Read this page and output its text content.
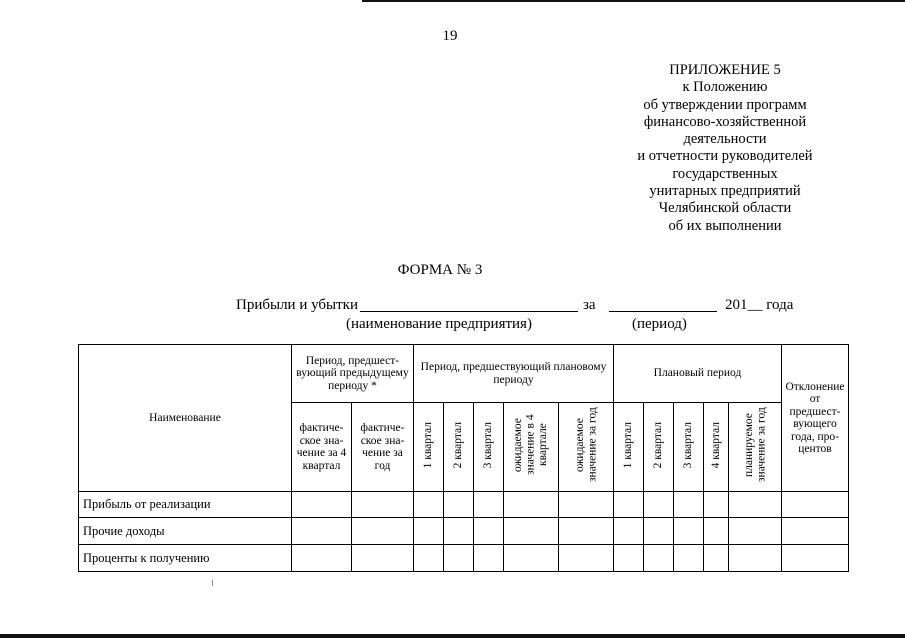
19
ПРИЛОЖЕНИЕ 5
к Положению
об утверждении программ
финансово-хозяйственной
деятельности
и отчетности руководителей
государственных
унитарных предприятий
Челябинской области
об их выполнении
ФОРМА № 3
Прибыли и убытки	за	201__ года
(наименование предприятия)	(период)
Наименование	Период, предшествующий предыдущему периоду *		Период, предшествующий плановому периоду					Плановый период					Отклонение от предшествующего года, процентов
	фактическое значение за 4 квартал	фактическое значение за год	1 квартал	2 квартал	3 квартал	ожидаемое значение в 4 квартале	ожидаемое значение за год	1 квартал	2 квартал	3 квартал	4 квартал	планируемое значение за год	
Прибыль от реализации													
Прочие доходы													
Проценты к получению													
